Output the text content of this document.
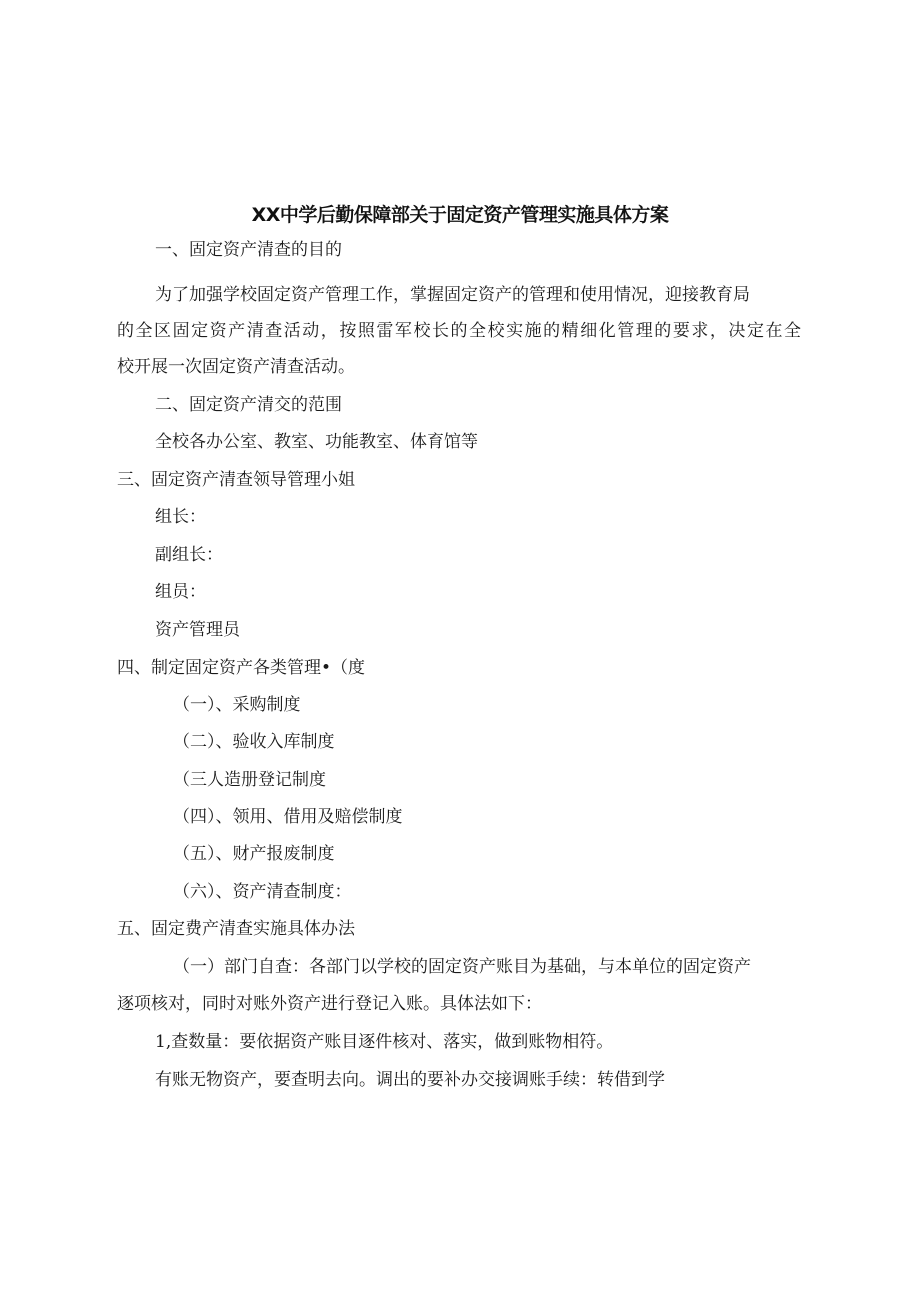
XX中学后勤保障部关于固定资产管理实施具体方案
一、固定资产清查的目的
为了加强学校固定资产管理工作，掌握固定资产的管理和使用情况，迎接教育局
的全区固定资产清查活动，按照雷军校长的全校实施的精细化管理的要求，决定在全
校开展一次固定资产清查活动。
二、固定资产清交的范围
全校各办公室、教室、功能教室、体育馆等
三、固定资产清查领导管理小姐
组长：
副组长：
组员：
资产管理员
四、制定固定资产各类管理•（度
（一）、采购制度
（二）、验收入库制度
（三人造册登记制度
（四）、领用、借用及赔偿制度
（五）、财产报废制度
（六）、资产清查制度：
五、固定费产清查实施具体办法
（一）部门自查：各部门以学校的固定资产账目为基础，与本单位的固定资产
逐项核对，同时对账外资产进行登记入账。具体法如下：
1,查数量：要依据资产账目逐件核对、落实，做到账物相符。
有账无物资产，要查明去向。调出的要补办交接调账手续：转借到学
